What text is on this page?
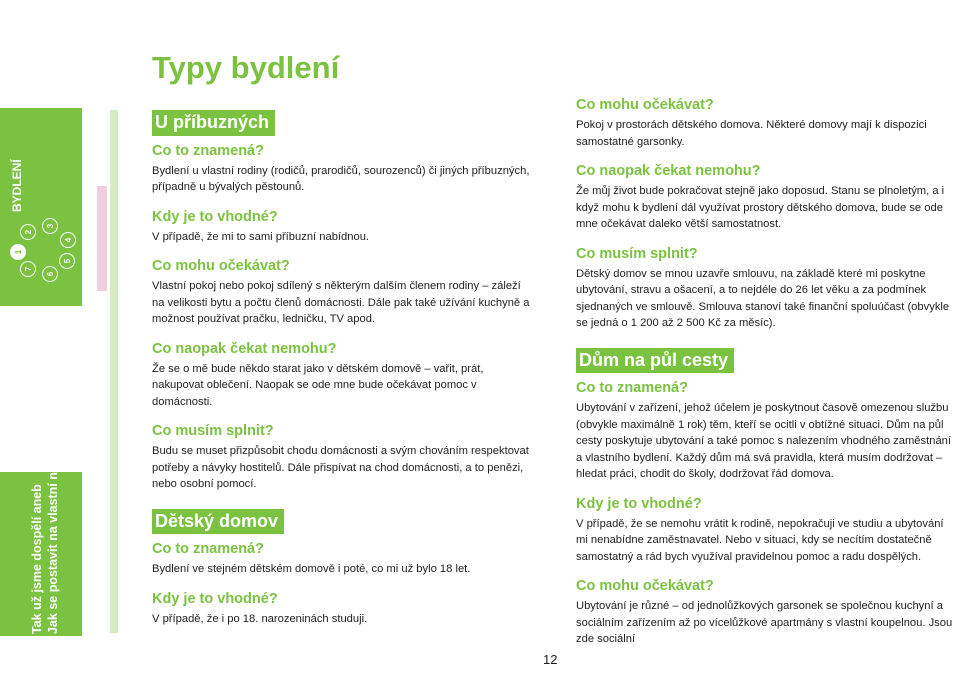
BYDLENÍ
7
1
2
3
4
5
6
Tak už jsme dospělí aneb Jak se postavit na vlastní nohy
Typy bydlení
U příbuzných
Co to znamená?

Bydlení u vlastní rodiny (rodičů, prarodičů, sourozenců) či jiných příbuzných, případně u bývalých pěstounů.

Kdy je to vhodné?

V případě, že mi to sami příbuzní nabídnou.

Co mohu očekávat?

Vlastní pokoj nebo pokoj sdílený s některým dalším členem rodiny – záleží na velikosti bytu a počtu členů domácnosti. Dále pak také užívání kuchyně a možnost používat pračku, ledničku, TV apod.

Co naopak čekat nemohu?

Že se o mě bude někdo starat jako v dětském domově – vařit, prát, nakupovat oblečení. Naopak se ode mne bude očekávat pomoc v domácnosti.

Co musím splnit?

Budu se muset přizpůsobit chodu domácnosti a svým chováním respektovat potřeby a návyky hostitelů. Dále přispívat na chod domácnosti, a to penězi, nebo osobní pomocí.

Dětský domov
Co to znamená?

Bydlení ve stejném dětském domově i poté, co mi už bylo 18 let.

Kdy je to vhodné?

V případě, že i po 18. narozeninách studuji.

Co mohu očekávat?

Pokoj v prostorách dětského domova. Některé domovy mají k dispozici samostatné garsonky.

Co naopak čekat nemohu?

Že můj život bude pokračovat stejně jako doposud. Stanu se plnoletým, a i když mohu k bydlení dál využívat prostory dětského domova, bude se ode mne očekávat daleko větší samostatnost.

Co musím splnit?

Dětský domov se mnou uzavře smlouvu, na základě které mi poskytne ubytování, stravu a ošacení, a to nejdéle do 26 let věku a za podmínek sjednaných ve smlouvě. Smlouva stanoví také finanční spoluúčast (obvykle se jedná o 1 200 až 2 500 Kč za měsíc).

Dům na půl cesty
Co to znamená?

Ubytování v zařízení, jehož účelem je poskytnout časově omezenou službu (obvykle maximálně 1 rok) těm, kteří se ocitli v obtížné situaci. Dům na půl cesty poskytuje ubytování a také pomoc s nalezením vhodného zaměstnání a vlastního bydlení. Každý dům má svá pravidla, která musím dodržovat – hledat práci, chodit do školy, dodržovat řád domova.

Kdy je to vhodné?

V případě, že se nemohu vrátit k rodině, nepokračuji ve studiu a ubytování mi nenabídne zaměstnavatel. Nebo v situaci, kdy se necítím dostatečně samostatný a rád bych využíval pravidelnou pomoc a radu dospělých.

Co mohu očekávat?

Ubytování je různé – od jednolůžkových garsonek se společnou kuchyní a sociálním zařízením až po vícelůžkové apartmány s vlastní koupelnou. Jsou zde sociální

12
